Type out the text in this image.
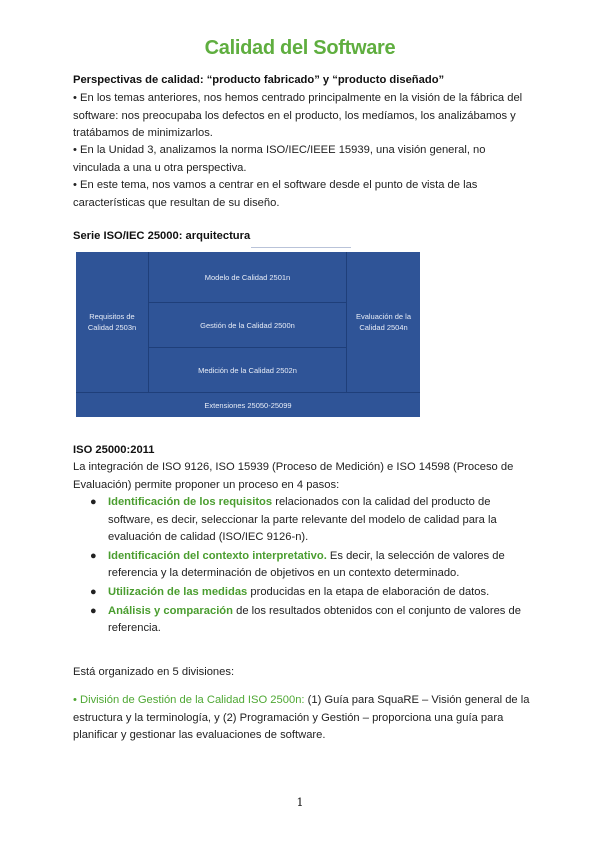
Calidad del Software

Perspectivas de calidad: “producto fabricado” y “producto diseñado”

• En los temas anteriores, nos hemos centrado principalmente en la visión de la fábrica del software: nos preocupaba los defectos en el producto, los medíamos, los analizábamos y tratábamos de minimizarlos.

• En la Unidad 3, analizamos la norma ISO/IEC/IEEE 15939, una visión general, no vinculada a una u otra perspectiva.

• En este tema, nos vamos a centrar en el software desde el punto de vista de las características que resultan de su diseño.

Serie ISO/IEC 25000: arquitectura

Requisitos de Calidad 2503n
Evaluación de la Calidad 2504n
Modelo de Calidad 2501n
Gestión de la Calidad 2500n
Medición de la Calidad 2502n
Extensiones 25050-25099

ISO 25000:2011

La integración de ISO 9126, ISO 15939 (Proceso de Medición) e ISO 14598 (Proceso de Evaluación) permite proponer un proceso en 4 pasos:

● Identificación de los requisitos relacionados con la calidad del producto de software, es decir, seleccionar la parte relevante del modelo de calidad para la evaluación de calidad (ISO/IEC 9126-n).
● Identificación del contexto interpretativo. Es decir, la selección de valores de referencia y la determinación de objetivos en un contexto determinado.
● Utilización de las medidas producidas en la etapa de elaboración de datos.
● Análisis y comparación de los resultados obtenidos con el conjunto de valores de referencia.

Está organizado en 5 divisiones:

• División de Gestión de la Calidad ISO 2500n: (1) Guía para SquaRE – Visión general de la estructura y la terminología, y (2) Programación y Gestión – proporciona una guía para planificar y gestionar las evaluaciones de software.

1
